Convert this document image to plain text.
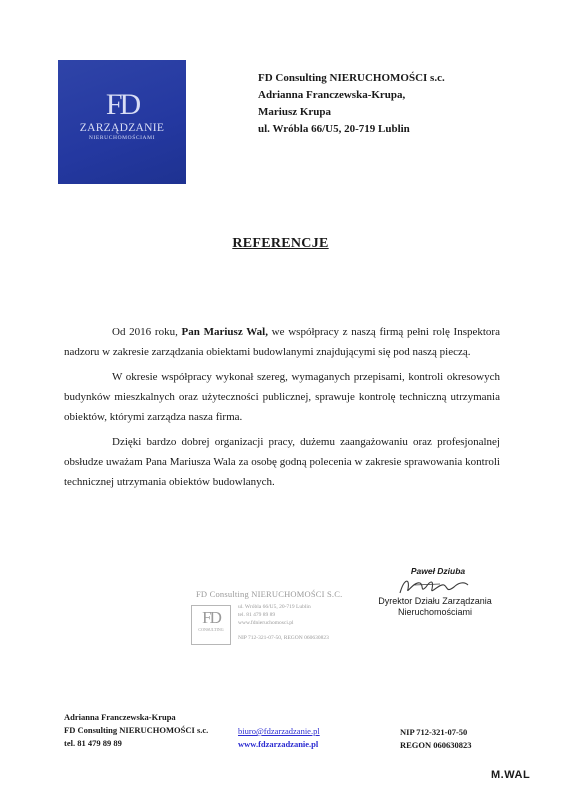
FD
ZARZĄDZANIE
NIERUCHOMOŚCIAMI
FD Consulting NIERUCHOMOŚCI s.c.
Adrianna Franczewska-Krupa,
Mariusz Krupa
ul. Wróbla 66/U5, 20-719 Lublin
REFERENCJE

Od 2016 roku, Pan Mariusz Wal, we współpracy z naszą firmą pełni rolę Inspektora nadzoru w zakresie zarządzania obiektami budowlanymi znajdującymi się pod naszą pieczą.

W okresie współpracy wykonał szereg, wymaganych przepisami, kontroli okresowych budynków mieszkalnych oraz użyteczności publicznej, sprawuje kontrolę techniczną utrzymania obiektów, którymi zarządza nasza firma.

Dzięki bardzo dobrej organizacji pracy, dużemu zaangażowaniu oraz profesjonalnej obsłudze uważam Pana Mariusza Wala za osobę godną polecenia w zakresie sprawowania kontroli technicznej utrzymania obiektów budowlanych.

FD Consulting NIERUCHOMOŚCI S.C.
FD
CONSULTING
ul. Wróbla 66/U5, 20-719 Lublin
tel. 81 479 89 89
www.fdnieruchomosci.pl
NIP 712-321-07-50, REGON 060630823
Paweł Dziuba
Dyrektor Działu Zarządzania
Nieruchomościami
Adrianna Franczewska-Krupa
FD Consulting NIERUCHOMOŚCI s.c.
tel. 81 479 89 89
biuro@fdzarzadzanie.pl
www.fdzarzadzanie.pl
NIP 712-321-07-50
REGON 060630823
M.WAL
